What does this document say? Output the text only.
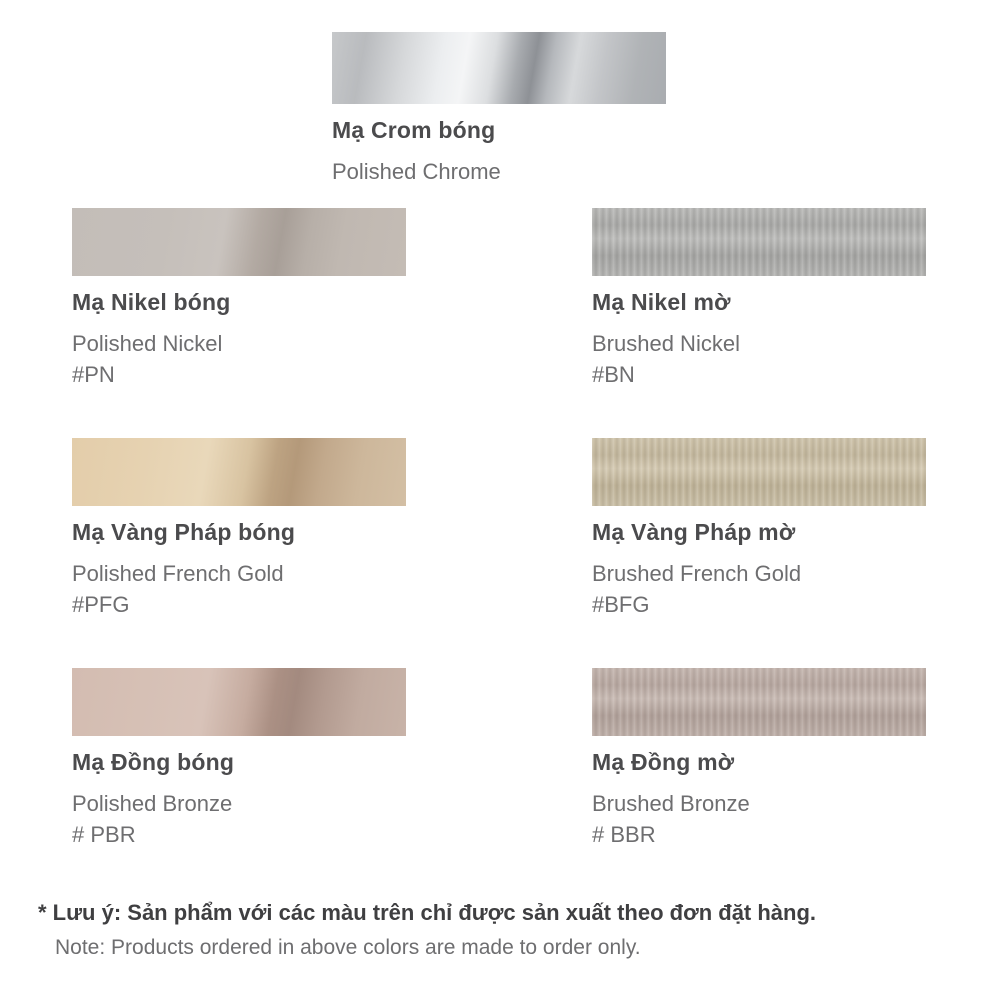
Mạ Crom bóng
Polished Chrome
Mạ Nikel bóng
Polished Nickel
#PN
Mạ Nikel mờ
Brushed Nickel
#BN
Mạ Vàng Pháp bóng
Polished French Gold
#PFG
Mạ Vàng Pháp mờ
Brushed French Gold
#BFG
Mạ Đồng bóng
Polished Bronze
# PBR
Mạ Đồng mờ
Brushed Bronze
# BBR
* Lưu ý: Sản phẩm với các màu trên chỉ được sản xuất theo đơn đặt hàng.
Note: Products ordered in above colors are made to order only.
